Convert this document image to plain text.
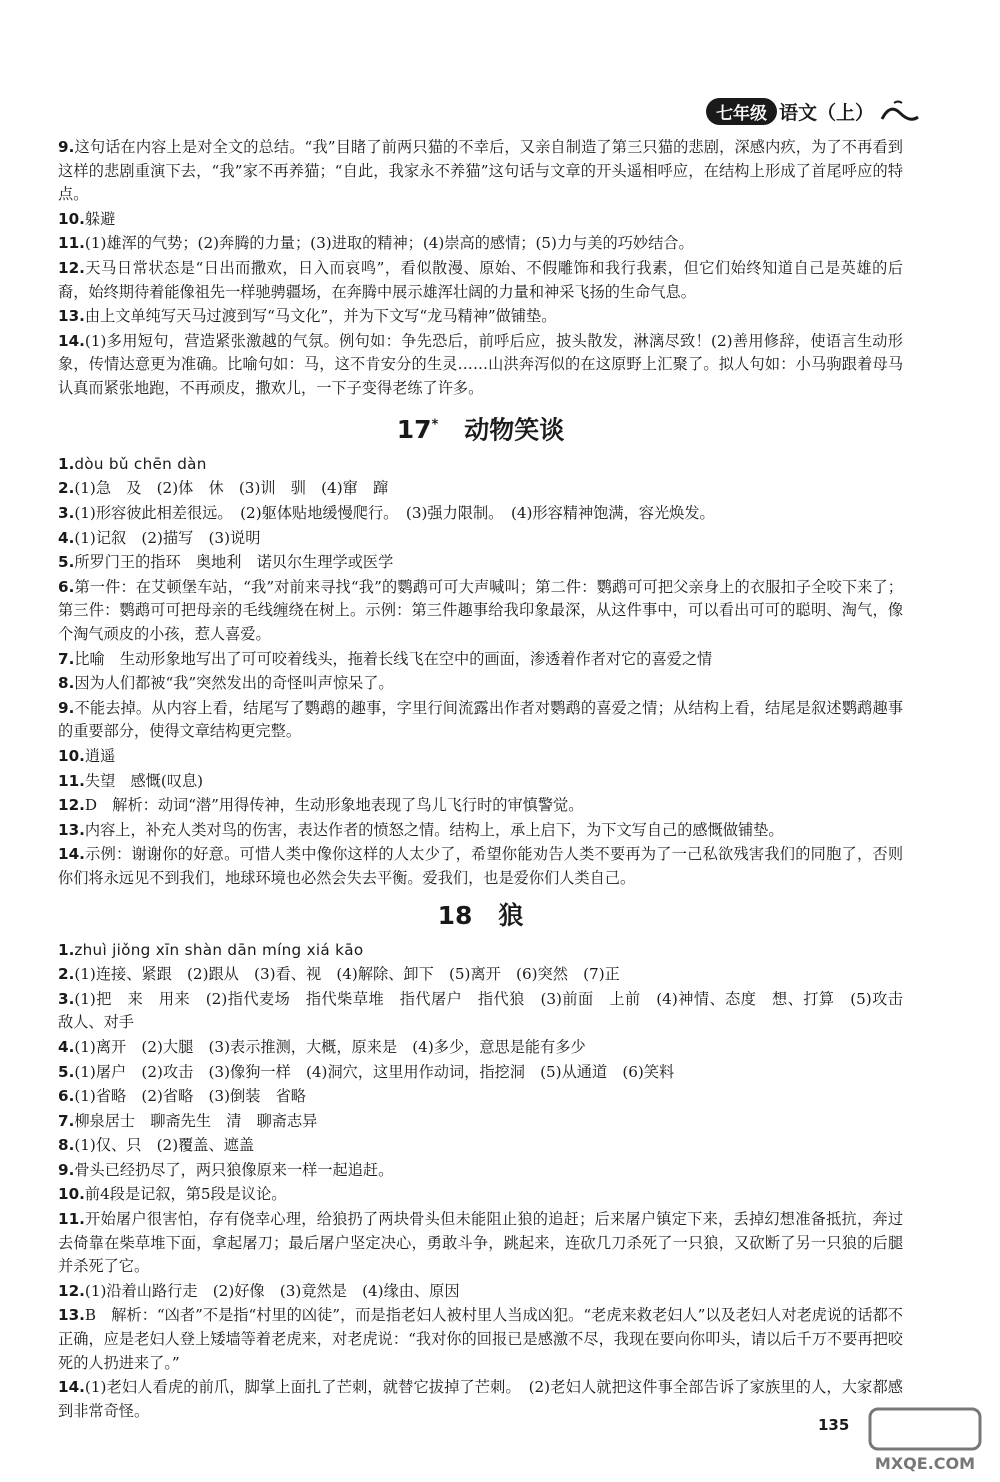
七年级 语文（上）
9.这句话在内容上是对全文的总结。“我”目睹了前两只猫的不幸后，又亲自制造了第三只猫的悲剧，深感内疚，为了不再看到这样的悲剧重演下去，“我”家不再养猫；“自此，我家永不养猫”这句话与文章的开头遥相呼应，在结构上形成了首尾呼应的特点。
10.躲避
11.(1)雄浑的气势；(2)奔腾的力量；(3)进取的精神；(4)崇高的感情；(5)力与美的巧妙结合。
12.天马日常状态是“日出而撒欢，日入而哀鸣”，看似散漫、原始、不假雕饰和我行我素，但它们始终知道自己是英雄的后裔，始终期待着能像祖先一样驰骋疆场，在奔腾中展示雄浑壮阔的力量和神采飞扬的生命气息。
13.由上文单纯写天马过渡到写“马文化”，并为下文写“龙马精神”做铺垫。
14.(1)多用短句，营造紧张激越的气氛。例句如：争先恐后，前呼后应，披头散发，淋漓尽致！(2)善用修辞，使语言生动形象，传情达意更为准确。比喻句如：马，这不肯安分的生灵……山洪奔泻似的在这原野上汇聚了。拟人句如：小马驹跟着母马认真而紧张地跑，不再顽皮，撒欢儿，一下子变得老练了许多。
17* 动物笑谈
1.dòu bǔ chēn dàn
2.(1)急　及　(2)体　休　(3)训　驯　(4)窜　蹿
3.(1)形容彼此相差很远。　(2)躯体贴地缓慢爬行。　(3)强力限制。　(4)形容精神饱满，容光焕发。
4.(1)记叙　(2)描写　(3)说明
5.所罗门王的指环　奥地利　诺贝尔生理学或医学
6.第一件：在艾顿堡车站，“我”对前来寻找“我”的鹦鹉可可大声喊叫；第二件：鹦鹉可可把父亲身上的衣服扣子全咬下来了；第三件：鹦鹉可可把母亲的毛线缠绕在树上。示例：第三件趣事给我印象最深，从这件事中，可以看出可可的聪明、淘气，像个淘气顽皮的小孩，惹人喜爱。
7.比喻　生动形象地写出了可可咬着线头，拖着长线飞在空中的画面，渗透着作者对它的喜爱之情
8.因为人们都被“我”突然发出的奇怪叫声惊呆了。
9.不能去掉。从内容上看，结尾写了鹦鹉的趣事，字里行间流露出作者对鹦鹉的喜爱之情；从结构上看，结尾是叙述鹦鹉趣事的重要部分，使得文章结构更完整。
10.逍遥
11.失望　感慨(叹息)
12.D　解析：动词“潜”用得传神，生动形象地表现了鸟儿飞行时的审慎警觉。
13.内容上，补充人类对鸟的伤害，表达作者的愤怒之情。结构上，承上启下，为下文写自己的感慨做铺垫。
14.示例：谢谢你的好意。可惜人类中像你这样的人太少了，希望你能劝告人类不要再为了一己私欲残害我们的同胞了，否则你们将永远见不到我们，地球环境也必然会失去平衡。爱我们，也是爱你们人类自己。
18 狼
1.zhuì jiǒng xīn shàn dān míng xiá kāo
2.(1)连接、紧跟　(2)跟从　(3)看、视　(4)解除、卸下　(5)离开　(6)突然　(7)正
3.(1)把　来　用来　(2)指代麦场　指代柴草堆　指代屠户　指代狼　(3)前面　上前　(4)神情、态度　想、打算　(5)攻击　敌人、对手
4.(1)离开　(2)大腿　(3)表示推测，大概，原来是　(4)多少，意思是能有多少
5.(1)屠户　(2)攻击　(3)像狗一样　(4)洞穴，这里用作动词，指挖洞　(5)从通道　(6)笑料
6.(1)省略　(2)省略　(3)倒装　省略
7.柳泉居士　聊斋先生　清　聊斋志异
8.(1)仅、只　(2)覆盖、遮盖
9.骨头已经扔尽了，两只狼像原来一样一起追赶。
10.前4段是记叙，第5段是议论。
11.开始屠户很害怕，存有侥幸心理，给狼扔了两块骨头但未能阻止狼的追赶；后来屠户镇定下来，丢掉幻想准备抵抗，奔过去倚靠在柴草堆下面，拿起屠刀；最后屠户坚定决心，勇敢斗争，跳起来，连砍几刀杀死了一只狼，又砍断了另一只狼的后腿并杀死了它。
12.(1)沿着山路行走　(2)好像　(3)竟然是　(4)缘由、原因
13.B　解析：“凶者”不是指“村里的凶徒”，而是指老妇人被村里人当成凶犯。“老虎来救老妇人”以及老妇人对老虎说的话都不正确，应是老妇人登上矮墙等着老虎来，对老虎说：“我对你的回报已是感激不尽，我现在要向你叩头，请以后千万不要再把咬死的人扔进来了。”
14.(1)老妇人看虎的前爪，脚掌上面扎了芒刺，就替它拔掉了芒刺。　(2)老妇人就把这件事全部告诉了家族里的人，大家都感到非常奇怪。
135
MXQE.COM
